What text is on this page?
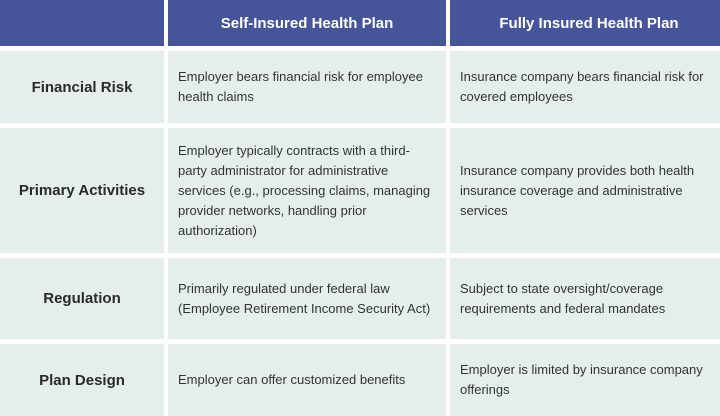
Self-Insured Health Plan	Fully Insured Health Plan
Financial Risk
Employer bears financial risk for employee health claims
Insurance company bears financial risk for covered employees
Primary Activities
Employer typically contracts with a third-party administrator for administrative services (e.g., processing claims, managing provider networks, handling prior authorization)
Insurance company provides both health insurance coverage and administrative services
Regulation
Primarily regulated under federal law (Employee Retirement Income Security Act)
Subject to state oversight/coverage requirements and federal mandates
Plan Design	Employer can offer customized benefits
Employer is limited by insurance company offerings
